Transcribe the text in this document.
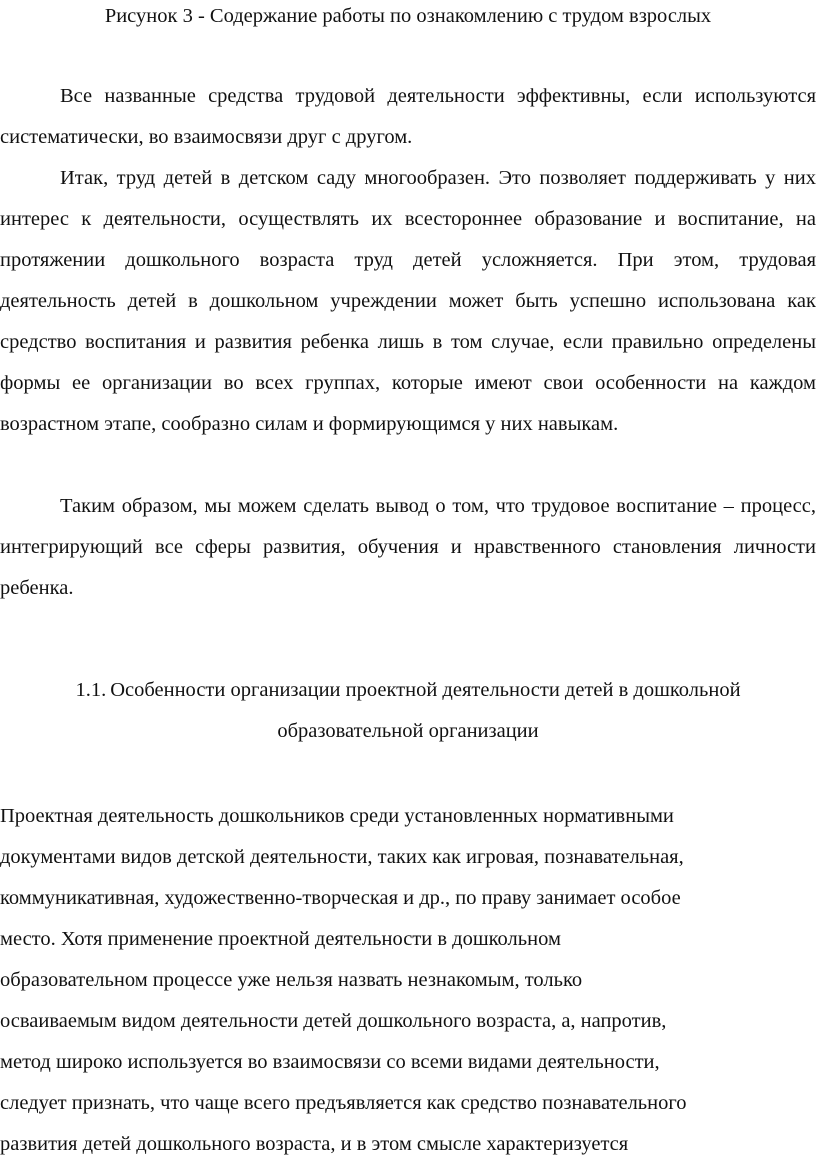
Рисунок 3 - Содержание работы по ознакомлению с трудом взрослых

Все названные средства трудовой деятельности эффективны, если используются систематически, во взаимосвязи друг с другом.

Итак, труд детей в детском саду многообразен. Это позволяет поддерживать у них интерес к деятельности, осуществлять их всестороннее образование и воспитание, на протяжении дошкольного возраста труд детей усложняется. При этом, трудовая деятельность детей в дошкольном учреждении может быть успешно использована как средство воспитания и развития ребенка лишь в том случае, если правильно определены формы ее организации во всех группах, которые имеют свои особенности на каждом возрастном этапе, сообразно силам и формирующимся у них навыкам.

Таким образом, мы можем сделать вывод о том, что трудовое воспитание – процесс, интегрирующий все сферы развития, обучения и нравственного становления личности ребенка.

1.1. Особенности организации проектной деятельности детей в дошкольной

образовательной организации

Проектная деятельность дошкольников среди установленных нормативными
документами видов детской деятельности, таких как игровая, познавательная,
коммуникативная, художественно-творческая и др., по праву занимает особое
место. Хотя применение проектной деятельности в дошкольном
образовательном процессе уже нельзя назвать незнакомым, только
осваиваемым видом деятельности детей дошкольного возраста, а, напротив,
метод широко используется во взаимосвязи со всеми видами деятельности,
следует признать, что чаще всего предъявляется как средство познавательного
развития детей дошкольного возраста, и в этом смысле характеризуется
